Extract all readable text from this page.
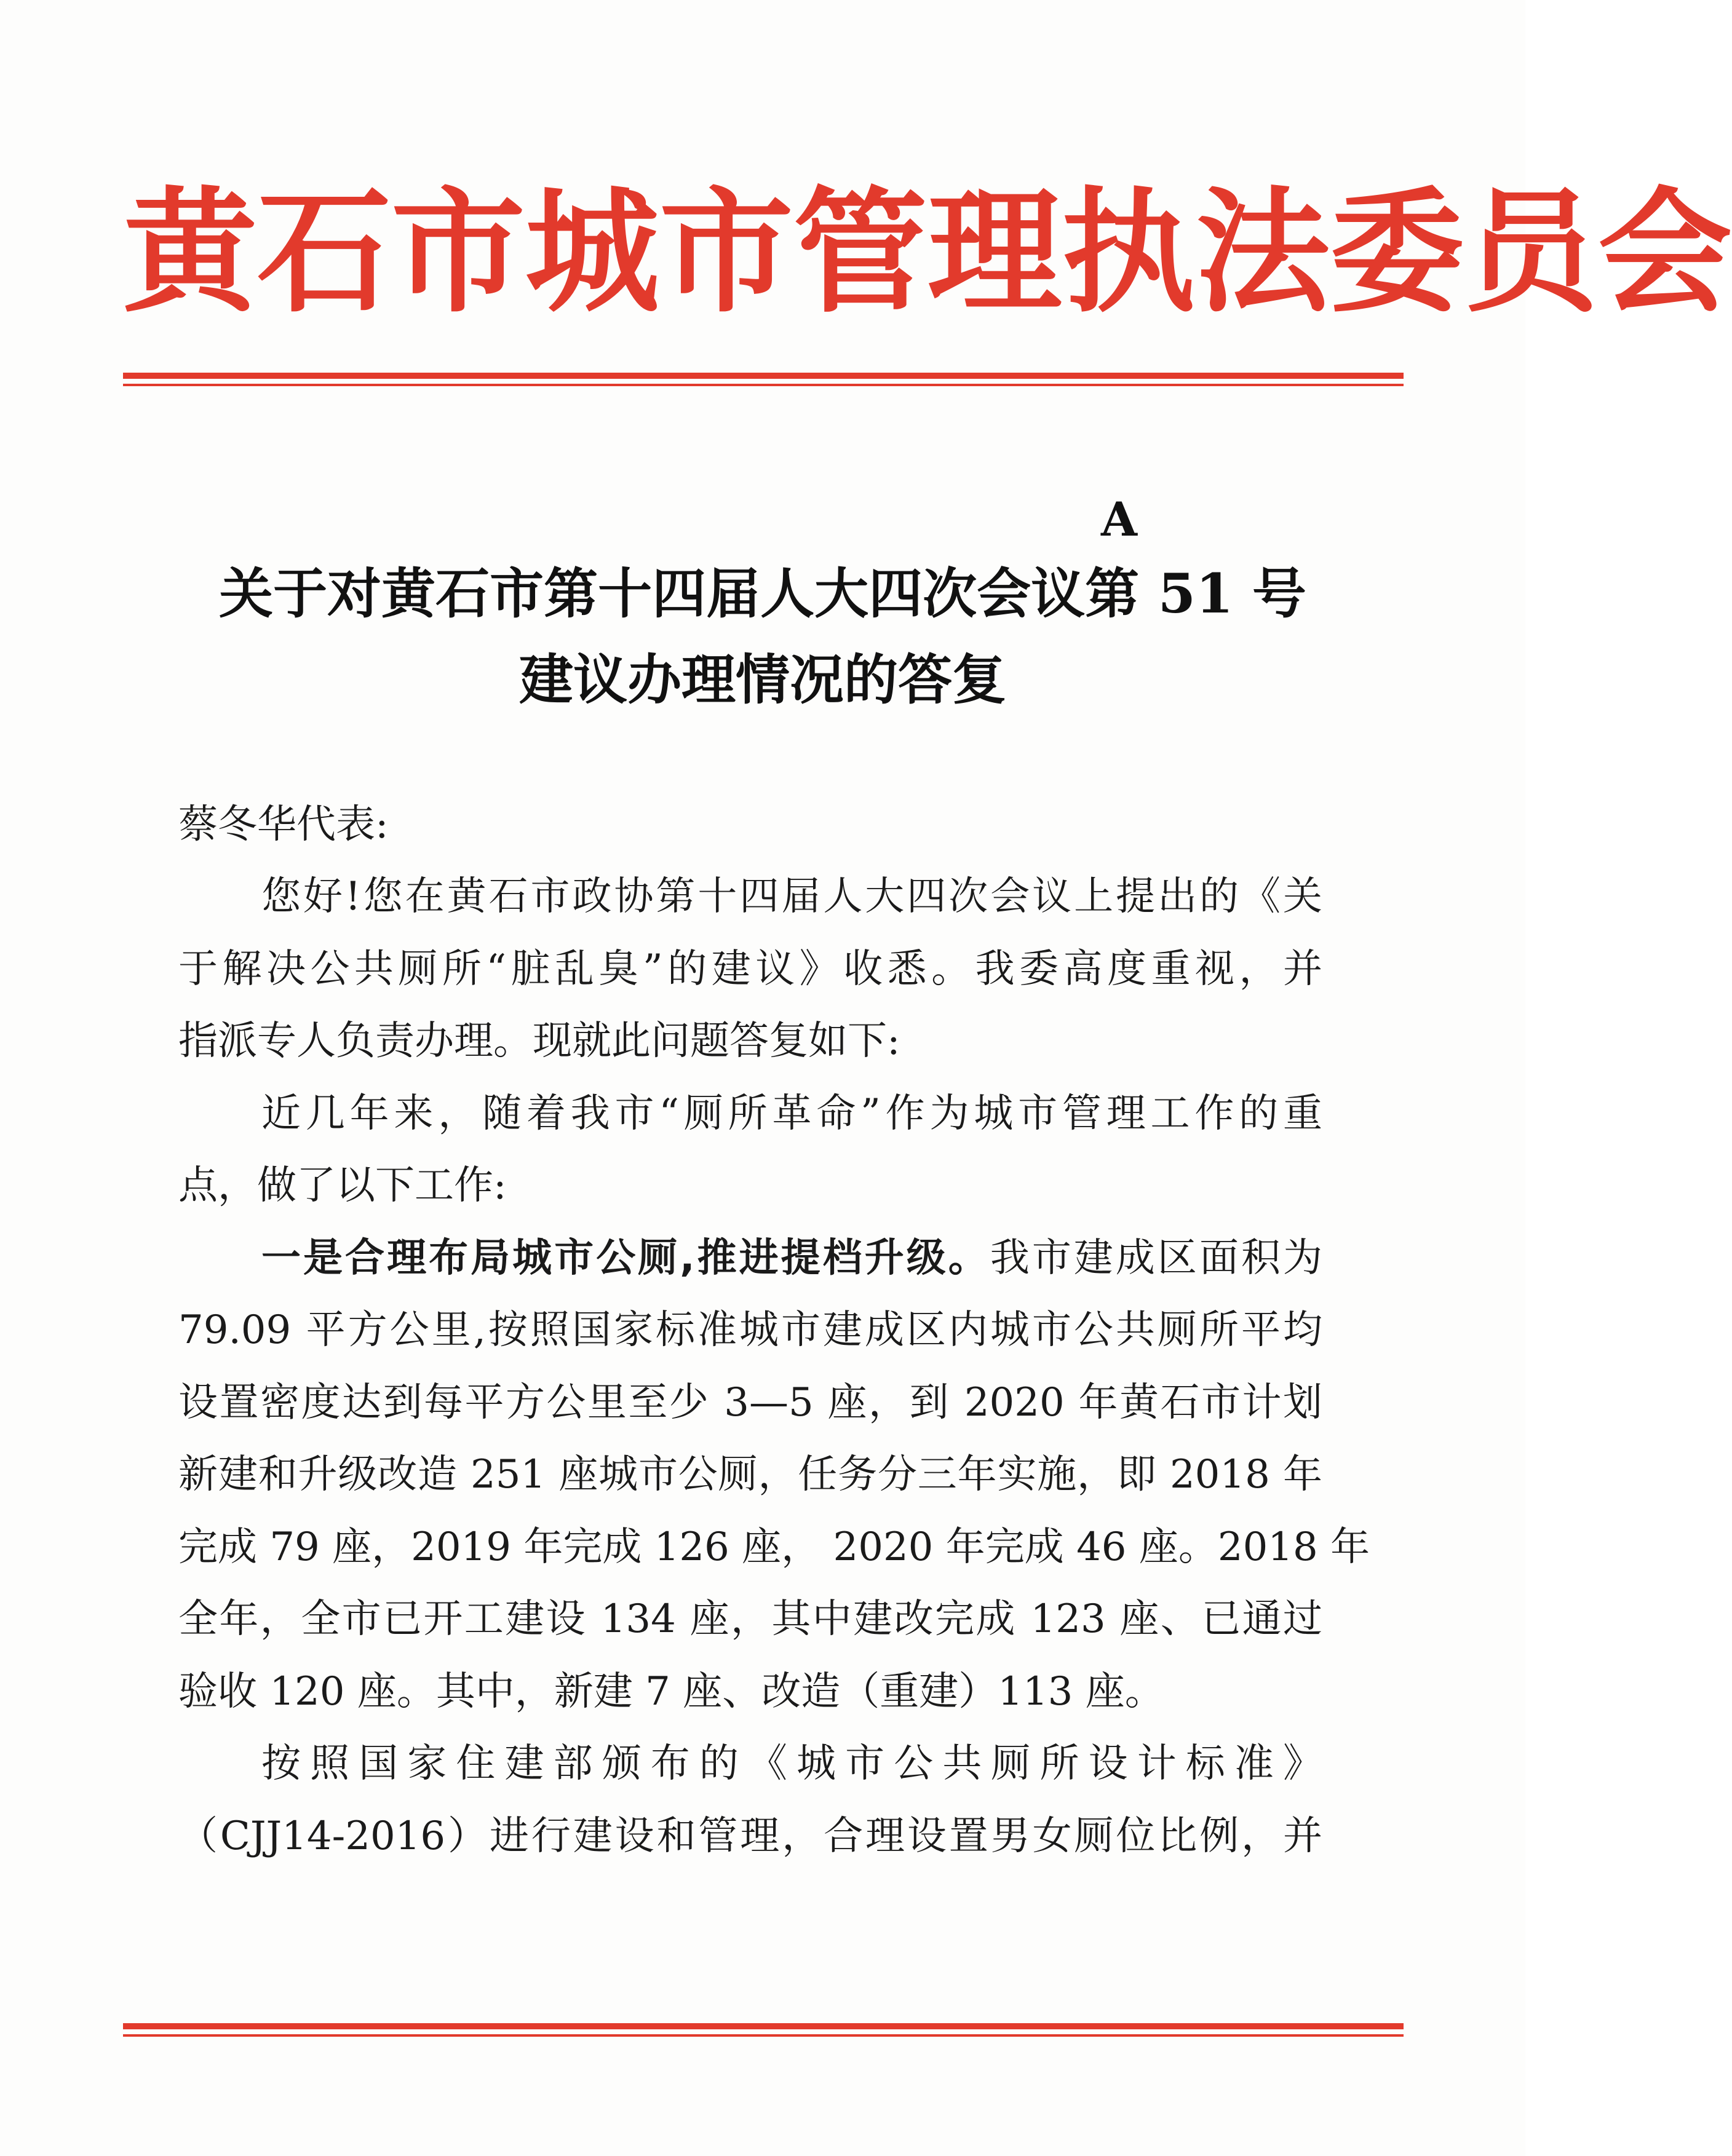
黄石市城市管理执法委员会
A
关于对黄石市第十四届人大四次会议第 51 号
建议办理情况的答复
蔡冬华代表:
您好!您在黄石市政协第十四届人大四次会议上提出的《关
于解决公共厕所“脏乱臭”的建议》收悉。我委高度重视，并
指派专人负责办理。现就此问题答复如下:
近几年来，随着我市“厕所革命”作为城市管理工作的重
点，做了以下工作:
一是合理布局城市公厕,推进提档升级。我市建成区面积为
79.09 平方公里,按照国家标准城市建成区内城市公共厕所平均
设置密度达到每平方公里至少 3—5 座，到 2020 年黄石市计划
新建和升级改造 251 座城市公厕，任务分三年实施，即 2018 年
完成 79 座，2019 年完成 126 座， 2020 年完成 46 座。2018 年
全年，全市已开工建设 134 座，其中建改完成 123 座、已通过
验收 120 座。其中，新建 7 座、改造（重建）113 座。
按照国家住建部颁布的《城市公共厕所设计标准》
（CJJ14-2016）进行建设和管理，合理设置男女厕位比例，并
